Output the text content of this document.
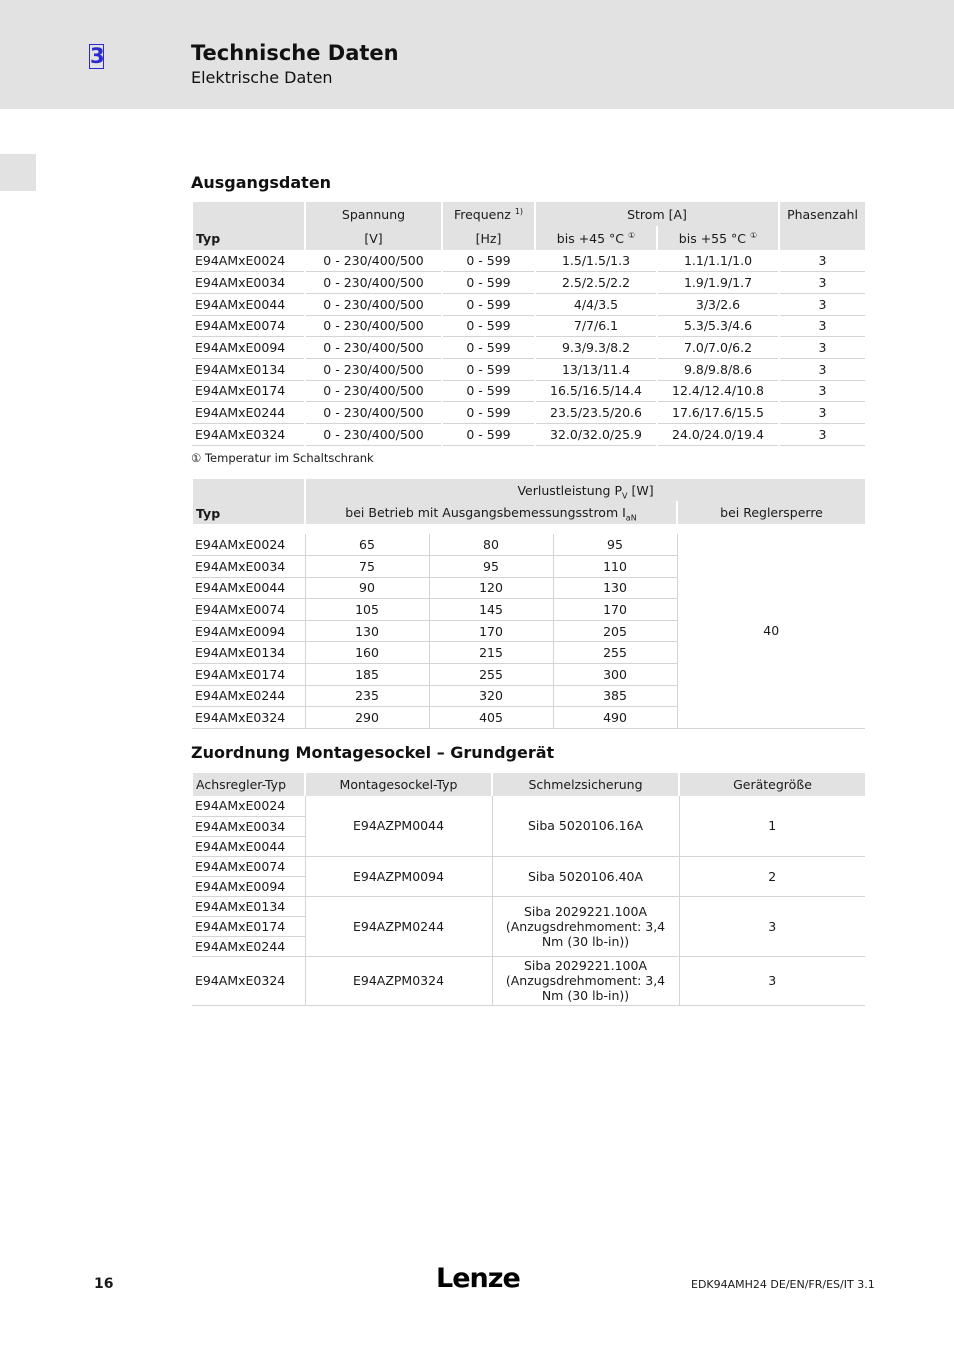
3	Technische Daten
Elektrische Daten
Ausgangsdaten
Typ	Spannung	Frequenz $^{1)}$	Strom [A]		Phasenzahl
	[V]	[Hz]	bis +45 °C ①	bis +55 °C ①
E94AMxE0024	0 - 230/400/500	0 - 599	1.5/1.5/1.3	1.1/1.1/1.0	3
E94AMxE0034	0 - 230/400/500	0 - 599	2.5/2.5/2.2	1.9/1.9/1.7	3
E94AMxE0044	0 - 230/400/500	0 - 599	4/4/3.5	3/3/2.6	3
E94AMxE0074	0 - 230/400/500	0 - 599	7/7/6.1	5.3/5.3/4.6	3
E94AMxE0094	0 - 230/400/500	0 - 599	9.3/9.3/8.2	7.0/7.0/6.2	3
E94AMxE0134	0 - 230/400/500	0 - 599	13/13/11.4	9.8/9.8/8.6	3
E94AMxE0174	0 - 230/400/500	0 - 599	16.5/16.5/14.4	12.4/12.4/10.8	3
E94AMxE0244	0 - 230/400/500	0 - 599	23.5/23.5/20.6	17.6/17.6/15.5	3
E94AMxE0324	0 - 230/400/500	0 - 599	32.0/32.0/25.9	24.0/24.0/19.4	3
① Temperatur im Schaltschrank
Typ	Verlustleistung $P_V$ [W]			
	bei Betrieb mit Ausgangsbemessungsstrom $I_{aN}$			bei Reglersperre

E94AMxE0024	65	80	95	40
E94AMxE0034	75	95	110	
E94AMxE0044	90	120	130	
E94AMxE0074	105	145	170	
E94AMxE0094	130	170	205	
E94AMxE0134	160	215	255	
E94AMxE0174	185	255	300	
E94AMxE0244	235	320	385	
E94AMxE0324	290	405	490	
Zuordnung Montagesockel – Grundgerät
Achsregler-Typ	Montagesockel-Typ	Schmelzsicherung	Gerätegröße
E94AMxE0024	E94AZPM0044	Siba 5020106.16A	1
E94AMxE0034			
E94AMxE0044			
E94AMxE0074	E94AZPM0094	Siba 5020106.40A	2
E94AMxE0094			
E94AMxE0134	E94AZPM0244	Siba 2029221.100A (Anzugsdrehmoment: 3,4 Nm (30 lb-in))	3
E94AMxE0174			
E94AMxE0244			
E94AMxE0324	E94AZPM0324	Siba 2029221.100A (Anzugsdrehmoment: 3,4 Nm (30 lb-in))	3
16	Lenze	EDK94AMH24 DE/EN/FR/ES/IT 3.1
